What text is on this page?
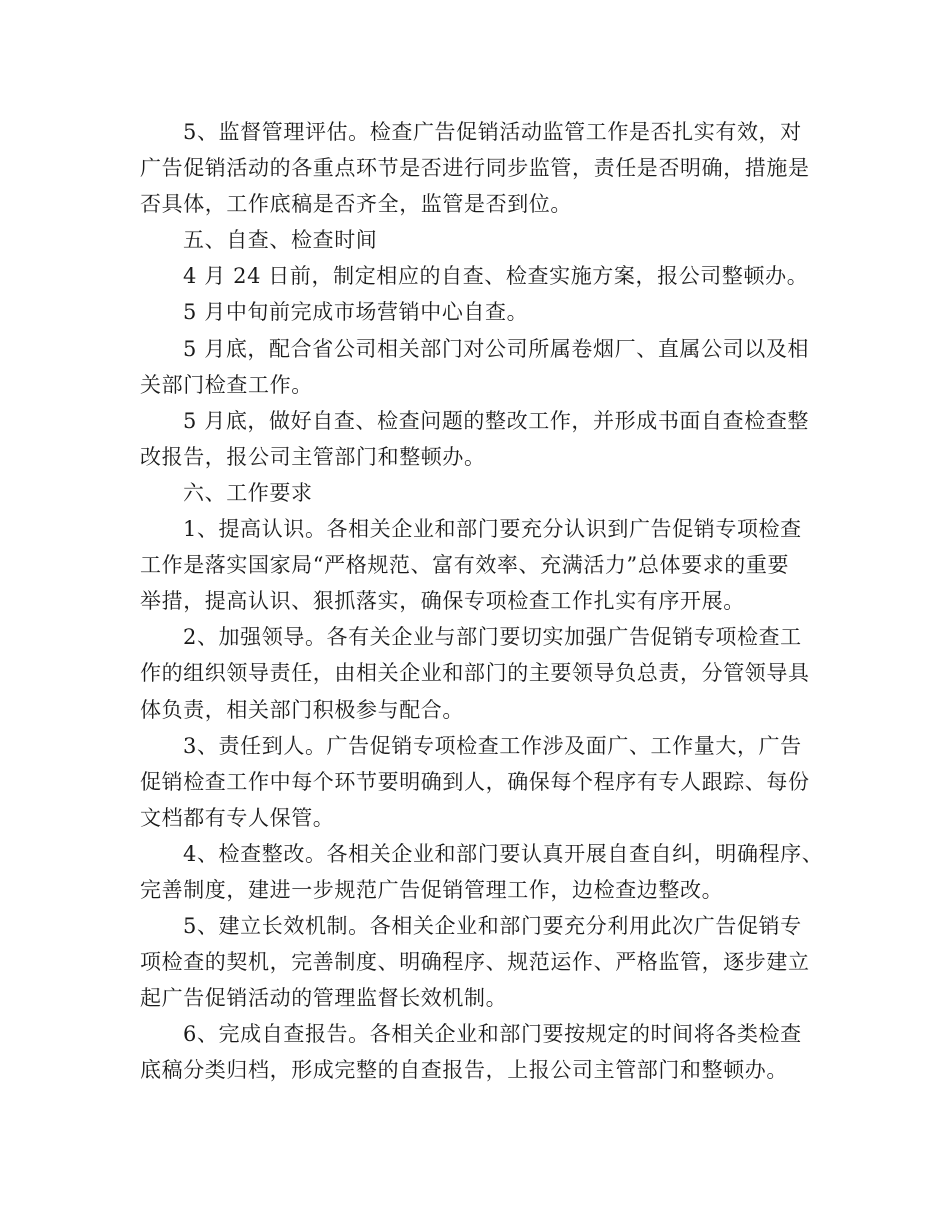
5、监督管理评估。检查广告促销活动监管工作是否扎实有效，对
广告促销活动的各重点环节是否进行同步监管，责任是否明确，措施是
否具体，工作底稿是否齐全，监管是否到位。
五、自查、检查时间
4 月 24 日前，制定相应的自查、检查实施方案，报公司整顿办。
5 月中旬前完成市场营销中心自查。
5 月底，配合省公司相关部门对公司所属卷烟厂、直属公司以及相
关部门检查工作。
5 月底，做好自查、检查问题的整改工作，并形成书面自查检查整
改报告，报公司主管部门和整顿办。
六、工作要求
1、提高认识。各相关企业和部门要充分认识到广告促销专项检查
工作是落实国家局“严格规范、富有效率、充满活力”总体要求的重要
举措，提高认识、狠抓落实，确保专项检查工作扎实有序开展。
2、加强领导。各有关企业与部门要切实加强广告促销专项检查工
作的组织领导责任，由相关企业和部门的主要领导负总责，分管领导具
体负责，相关部门积极参与配合。
3、责任到人。广告促销专项检查工作涉及面广、工作量大，广告
促销检查工作中每个环节要明确到人，确保每个程序有专人跟踪、每份
文档都有专人保管。
4、检查整改。各相关企业和部门要认真开展自查自纠，明确程序、
完善制度，建进一步规范广告促销管理工作，边检查边整改。
5、建立长效机制。各相关企业和部门要充分利用此次广告促销专
项检查的契机，完善制度、明确程序、规范运作、严格监管，逐步建立
起广告促销活动的管理监督长效机制。
6、完成自查报告。各相关企业和部门要按规定的时间将各类检查
底稿分类归档，形成完整的自查报告，上报公司主管部门和整顿办。
